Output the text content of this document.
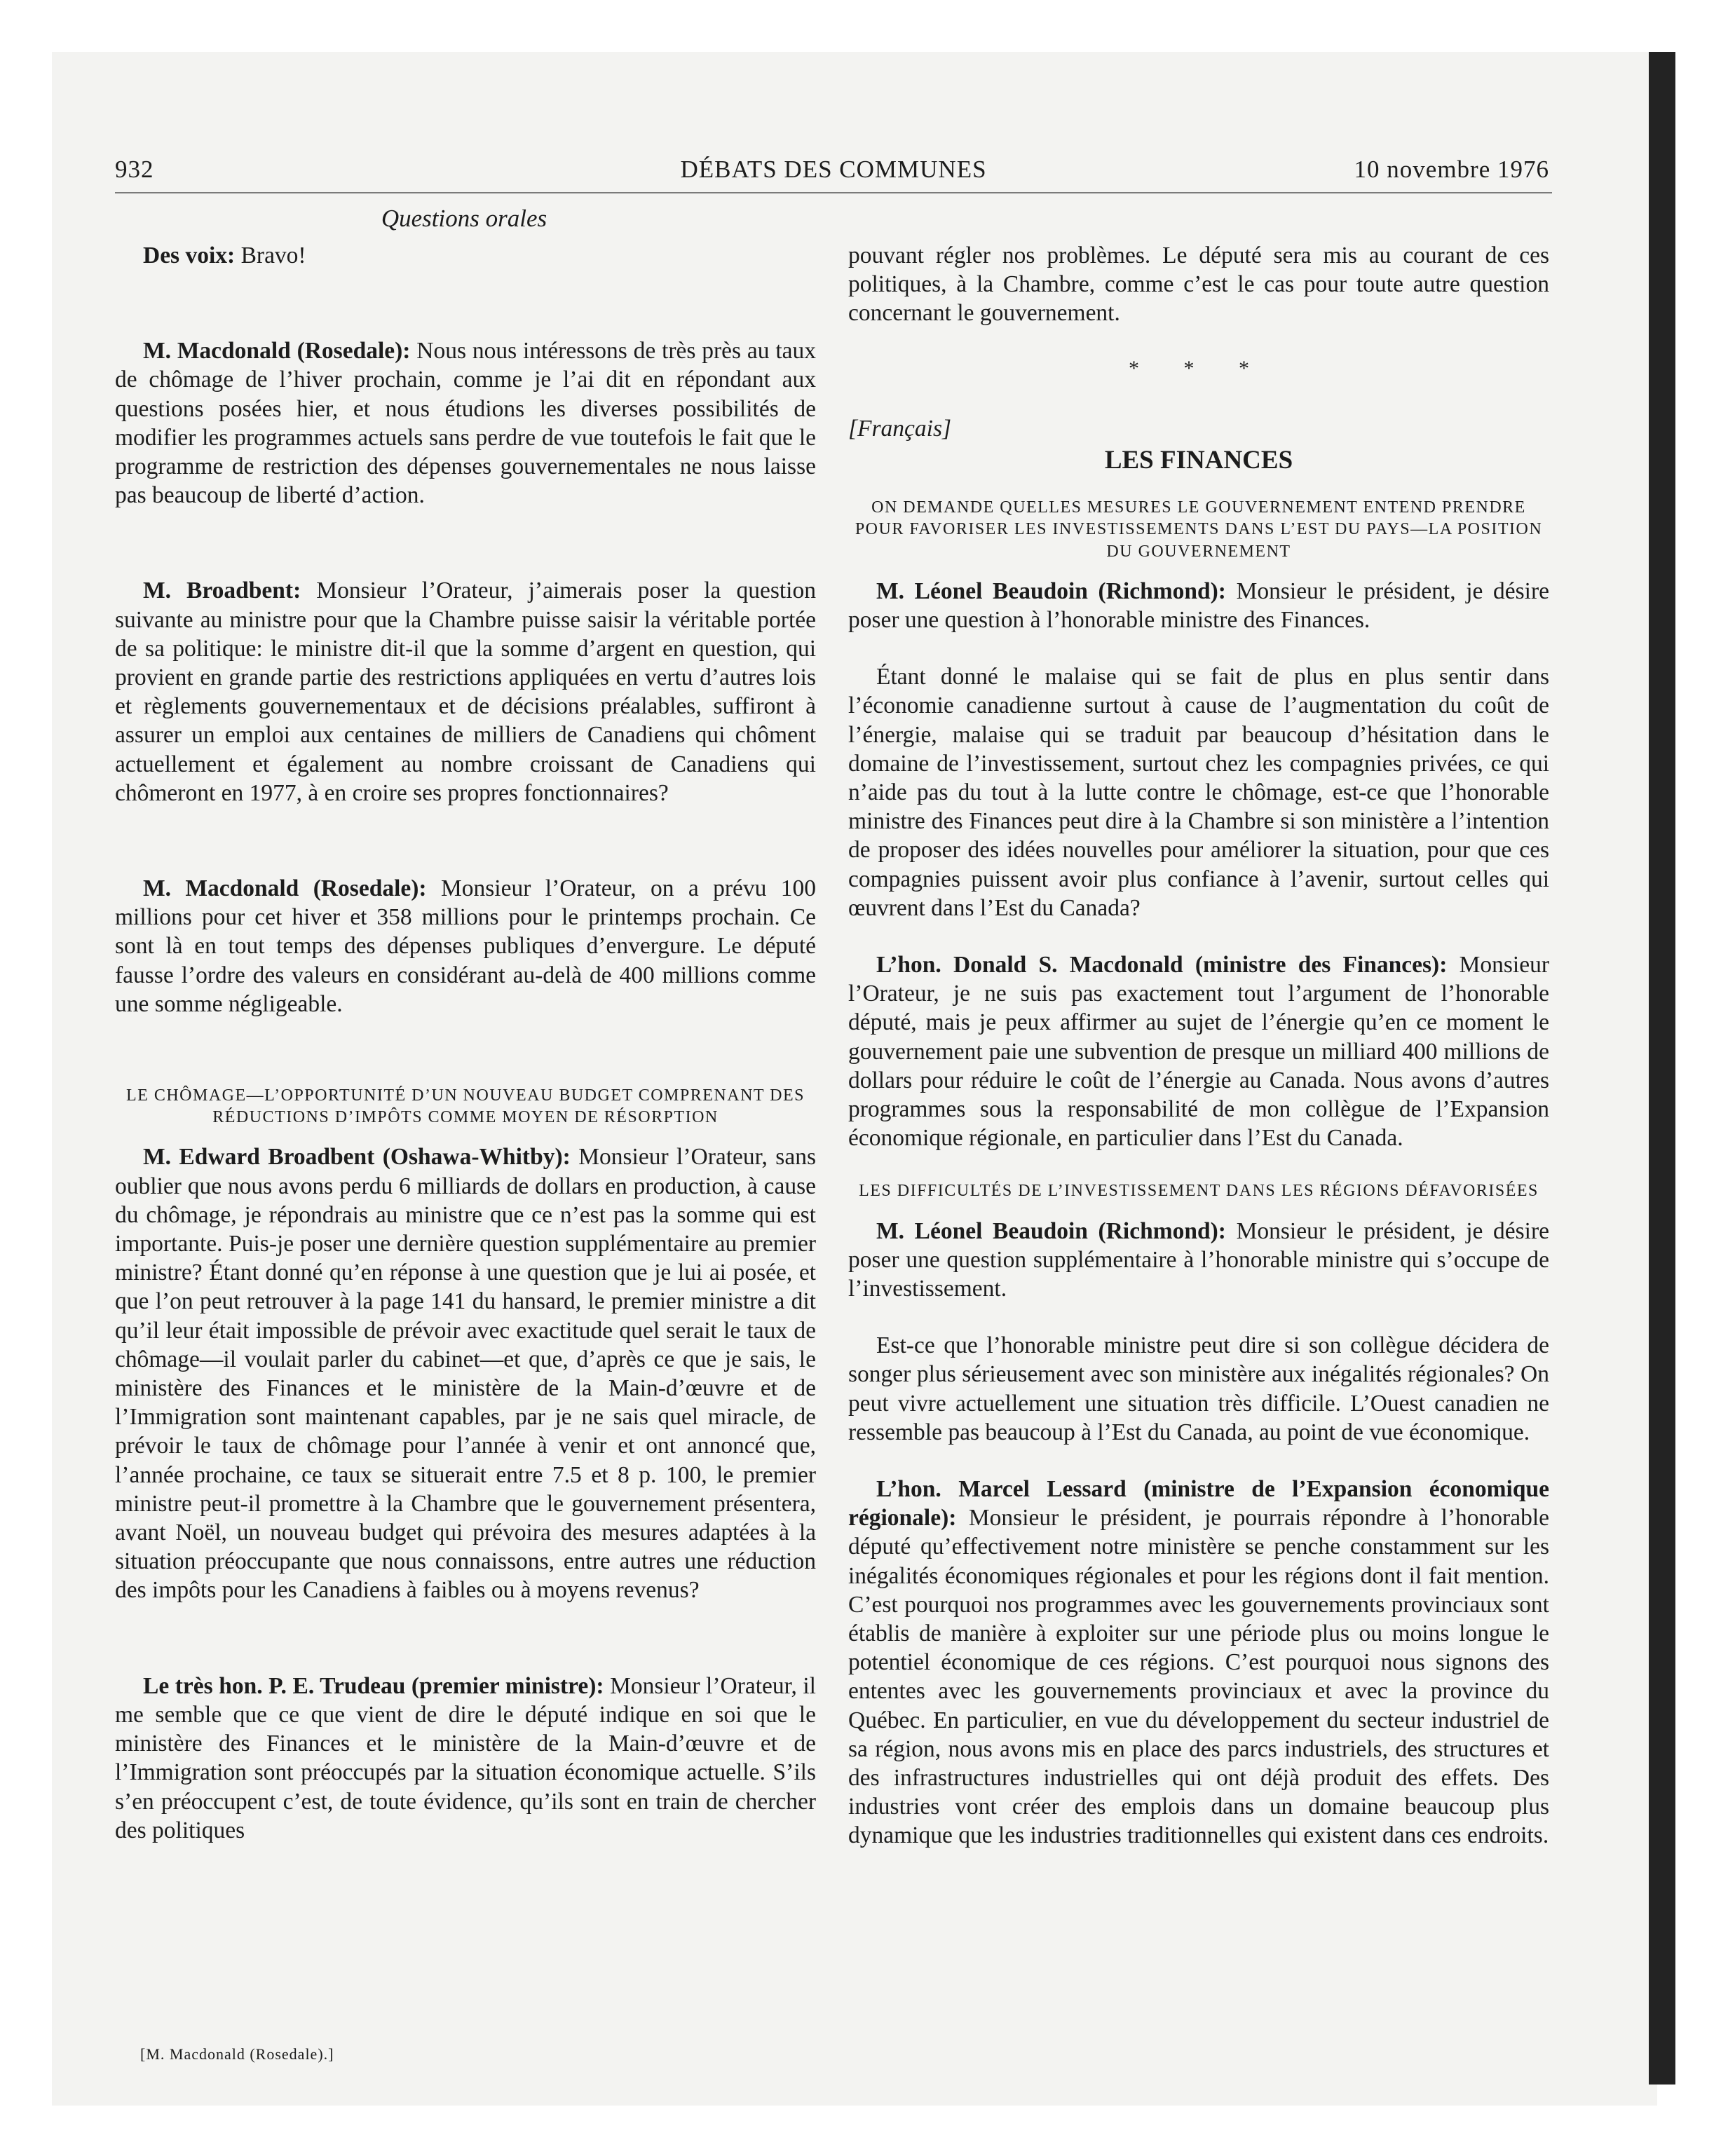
932	DÉBATS DES COMMUNES	10 novembre 1976
Questions orales

Des voix: Bravo!

M. Macdonald (Rosedale): Nous nous intéressons de très près au taux de chômage de l’hiver prochain, comme je l’ai dit en répondant aux questions posées hier, et nous étudions les diverses possibilités de modifier les programmes actuels sans perdre de vue toutefois le fait que le programme de restriction des dépenses gouvernementales ne nous laisse pas beaucoup de liberté d’action.

M. Broadbent: Monsieur l’Orateur, j’aimerais poser la question suivante au ministre pour que la Chambre puisse saisir la véritable portée de sa politique: le ministre dit-il que la somme d’argent en question, qui provient en grande partie des restrictions appliquées en vertu d’autres lois et règlements gouvernementaux et de décisions préalables, suffiront à assurer un emploi aux centaines de milliers de Canadiens qui chôment actuellement et également au nombre croissant de Canadiens qui chômeront en 1977, à en croire ses propres fonctionnaires?

M. Macdonald (Rosedale): Monsieur l’Orateur, on a prévu 100 millions pour cet hiver et 358 millions pour le printemps prochain. Ce sont là en tout temps des dépenses publiques d’envergure. Le député fausse l’ordre des valeurs en considérant au-delà de 400 millions comme une somme négligeable.

LE CHÔMAGE—L’OPPORTUNITÉ D’UN NOUVEAU BUDGET COMPRENANT DES RÉDUCTIONS D’IMPÔTS COMME MOYEN DE RÉSORPTION

M. Edward Broadbent (Oshawa-Whitby): Monsieur l’Orateur, sans oublier que nous avons perdu 6 milliards de dollars en production, à cause du chômage, je répondrais au ministre que ce n’est pas la somme qui est importante. Puis-je poser une dernière question supplémentaire au premier ministre? Étant donné qu’en réponse à une question que je lui ai posée, et que l’on peut retrouver à la page 141 du hansard, le premier ministre a dit qu’il leur était impossible de prévoir avec exactitude quel serait le taux de chômage—il voulait parler du cabinet—et que, d’après ce que je sais, le ministère des Finances et le ministère de la Main-d’œuvre et de l’Immigration sont maintenant capables, par je ne sais quel miracle, de prévoir le taux de chômage pour l’année à venir et ont annoncé que, l’année prochaine, ce taux se situerait entre 7.5 et 8 p. 100, le premier ministre peut-il promettre à la Chambre que le gouvernement présentera, avant Noël, un nouveau budget qui prévoira des mesures adaptées à la situation préoccupante que nous connaissons, entre autres une réduction des impôts pour les Canadiens à faibles ou à moyens revenus?

Le très hon. P. E. Trudeau (premier ministre): Monsieur l’Orateur, il me semble que ce que vient de dire le député indique en soi que le ministère des Finances et le ministère de la Main-d’œuvre et de l’Immigration sont préoccupés par la situation économique actuelle. S’ils s’en préoccupent c’est, de toute évidence, qu’ils sont en train de chercher des politiques

[M. Macdonald (Rosedale).]

pouvant régler nos problèmes. Le député sera mis au courant de ces politiques, à la Chambre, comme c’est le cas pour toute autre question concernant le gouvernement.

* * *
[Français]
LES FINANCES
ON DEMANDE QUELLES MESURES LE GOUVERNEMENT ENTEND PRENDRE POUR FAVORISER LES INVESTISSEMENTS DANS L’EST DU PAYS—LA POSITION DU GOUVERNEMENT

M. Léonel Beaudoin (Richmond): Monsieur le président, je désire poser une question à l’honorable ministre des Finances.

Étant donné le malaise qui se fait de plus en plus sentir dans l’économie canadienne surtout à cause de l’augmentation du coût de l’énergie, malaise qui se traduit par beaucoup d’hésitation dans le domaine de l’investissement, surtout chez les compagnies privées, ce qui n’aide pas du tout à la lutte contre le chômage, est-ce que l’honorable ministre des Finances peut dire à la Chambre si son ministère a l’intention de proposer des idées nouvelles pour améliorer la situation, pour que ces compagnies puissent avoir plus confiance à l’avenir, surtout celles qui œuvrent dans l’Est du Canada?

L’hon. Donald S. Macdonald (ministre des Finances): Monsieur l’Orateur, je ne suis pas exactement tout l’argument de l’honorable député, mais je peux affirmer au sujet de l’énergie qu’en ce moment le gouvernement paie une subvention de presque un milliard 400 millions de dollars pour réduire le coût de l’énergie au Canada. Nous avons d’autres programmes sous la responsabilité de mon collègue de l’Expansion économique régionale, en particulier dans l’Est du Canada.

LES DIFFICULTÉS DE L’INVESTISSEMENT DANS LES RÉGIONS DÉFAVORISÉES

M. Léonel Beaudoin (Richmond): Monsieur le président, je désire poser une question supplémentaire à l’honorable ministre qui s’occupe de l’investissement.

Est-ce que l’honorable ministre peut dire si son collègue décidera de songer plus sérieusement avec son ministère aux inégalités régionales? On peut vivre actuellement une situation très difficile. L’Ouest canadien ne ressemble pas beaucoup à l’Est du Canada, au point de vue économique.

L’hon. Marcel Lessard (ministre de l’Expansion économique régionale): Monsieur le président, je pourrais répondre à l’honorable député qu’effectivement notre ministère se penche constamment sur les inégalités économiques régionales et pour les régions dont il fait mention. C’est pourquoi nos programmes avec les gouvernements provinciaux sont établis de manière à exploiter sur une période plus ou moins longue le potentiel économique de ces régions. C’est pourquoi nous signons des ententes avec les gouvernements provinciaux et avec la province du Québec. En particulier, en vue du développement du secteur industriel de sa région, nous avons mis en place des parcs industriels, des structures et des infrastructures industrielles qui ont déjà produit des effets. Des industries vont créer des emplois dans un domaine beaucoup plus dynamique que les industries traditionnelles qui existent dans ces endroits.
